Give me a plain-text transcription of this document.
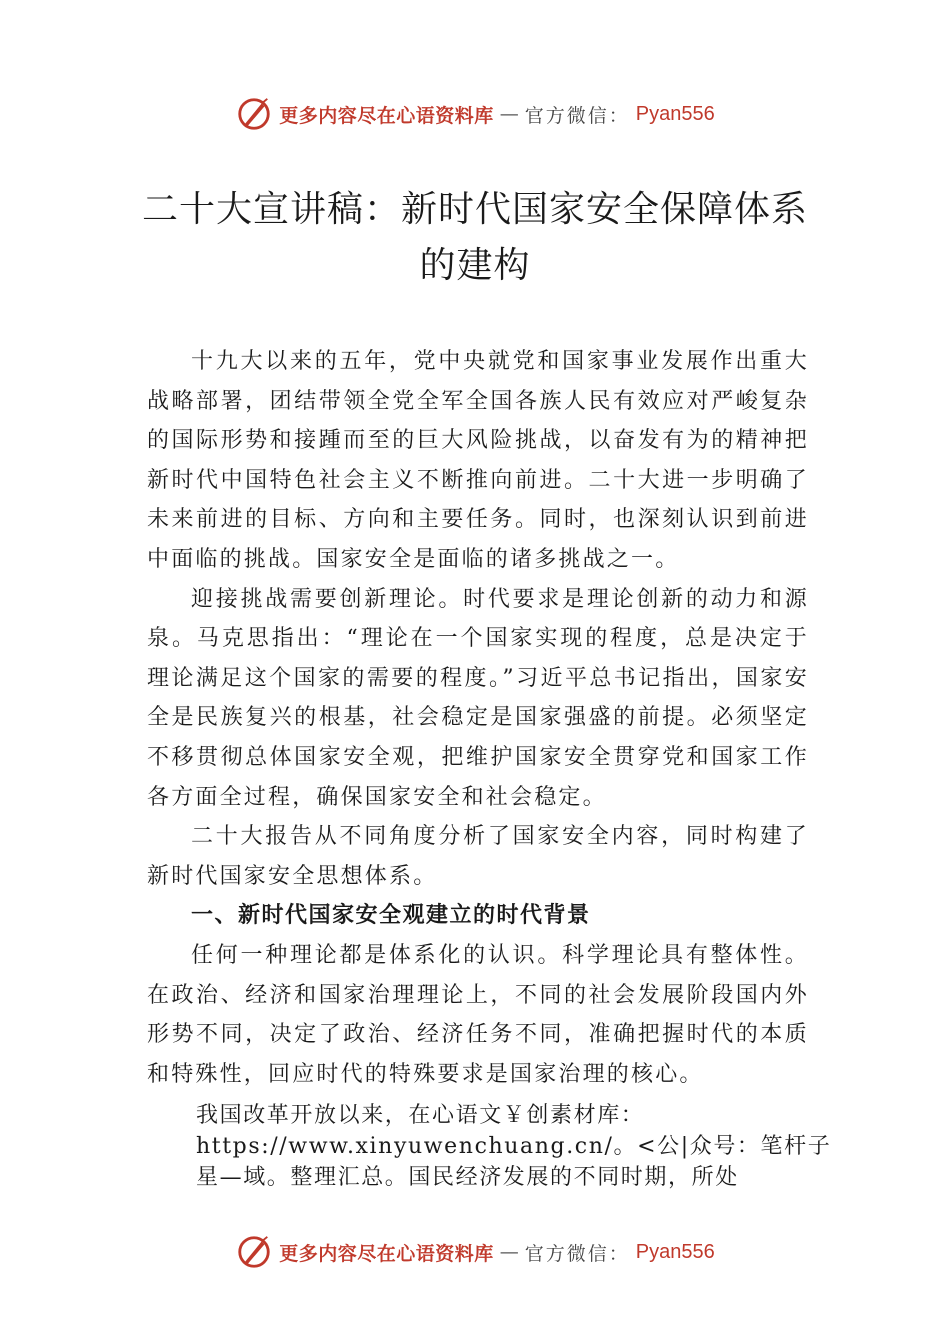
更多内容尽在心语资料库 — 官方微信： Pyan556
二十大宣讲稿：新时代国家安全保障体系的建构

十九大以来的五年，党中央就党和国家事业发展作出重大战略部署，团结带领全党全军全国各族人民有效应对严峻复杂的国际形势和接踵而至的巨大风险挑战，以奋发有为的精神把新时代中国特色社会主义不断推向前进。二十大进一步明确了未来前进的目标、方向和主要任务。同时，也深刻认识到前进中面临的挑战。国家安全是面临的诸多挑战之一。

迎接挑战需要创新理论。时代要求是理论创新的动力和源泉。马克思指出：“理论在一个国家实现的程度，总是决定于理论满足这个国家的需要的程度。”习近平总书记指出，国家安全是民族复兴的根基，社会稳定是国家强盛的前提。必须坚定不移贯彻总体国家安全观，把维护国家安全贯穿党和国家工作各方面全过程，确保国家安全和社会稳定。

二十大报告从不同角度分析了国家安全内容，同时构建了新时代国家安全思想体系。

一、新时代国家安全观建立的时代背景

任何一种理论都是体系化的认识。科学理论具有整体性。在政治、经济和国家治理理论上，不同的社会发展阶段国内外形势不同，决定了政治、经济任务不同，准确把握时代的本质和特殊性，回应时代的特殊要求是国家治理的核心。

我国改革开放以来，在心语文￥创素材库：https://www.xinyuwenchuang.cn/。<公|众号：笔杆子星—域。整理汇总。国民经济发展的不同时期，所处
更多内容尽在心语资料库 — 官方微信： Pyan556
